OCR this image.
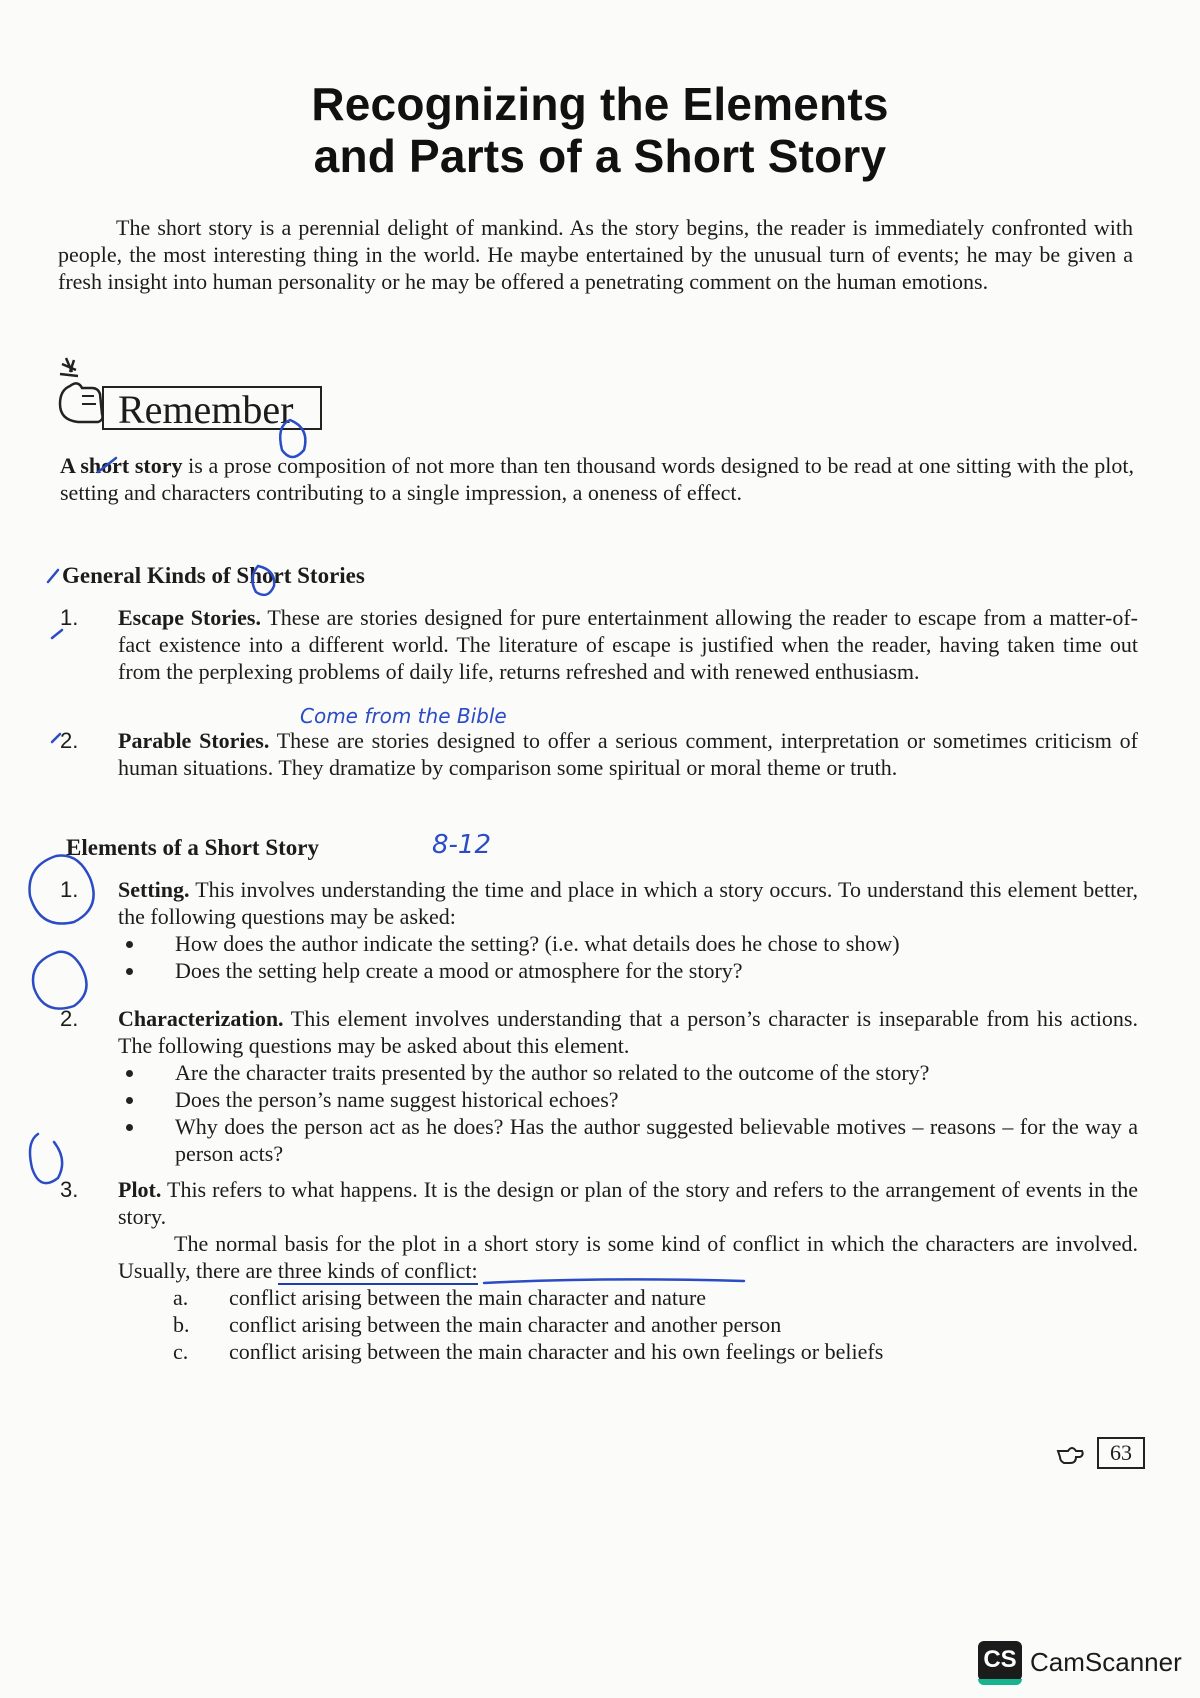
Recognizing the Elements
and Parts of a Short Story

The short story is a perennial delight of mankind. As the story begins, the reader is immediately confronted with people, the most interesting thing in the world. He maybe entertained by the unusual turn of events; he may be given a fresh insight into human personality or he may be offered a penetrating comment on the human emotions.

Remember

A short story is a prose composition of not more than ten thousand words designed to be read at one sitting with the plot, setting and characters contributing to a single impression, a oneness of effect.

General Kinds of Short Stories
1.	Escape Stories. These are stories designed for pure entertainment allowing the reader to escape from a matter-of-fact existence into a different world. The literature of escape is justified when the reader, having taken time out from the perplexing problems of daily life, returns refreshed and with renewed enthusiasm.

2.	Parable Stories. These are stories designed to offer a serious comment, interpretation or sometimes criticism of human situations. They dramatize by comparison some spiritual or moral theme or truth.

Elements of a Short Story
1.	Setting. This involves understanding the time and place in which a story occurs. To understand this element better, the following questions may be asked:
How does the author indicate the setting? (i.e. what details does he chose to show)
Does the setting help create a mood or atmosphere for the story?
2.	Characterization. This element involves understanding that a person’s character is inseparable from his actions. The following questions may be asked about this element.
Are the character traits presented by the author so related to the outcome of the story?
Does the person’s name suggest historical echoes?
Why does the person act as he does? Has the author suggested believable motives – reasons – for the way a person acts?
3.	Plot. This refers to what happens. It is the design or plan of the story and refers to the arrangement of events in the story.
The normal basis for the plot in a short story is some kind of conflict in which the characters are involved. Usually, there are three kinds of conflict:
a. conflict arising between the main character and nature
b. conflict arising between the main character and another person
c. conflict arising between the main character and his own feelings or beliefs
63
CS CamScanner
Come from the Bible
8-12
